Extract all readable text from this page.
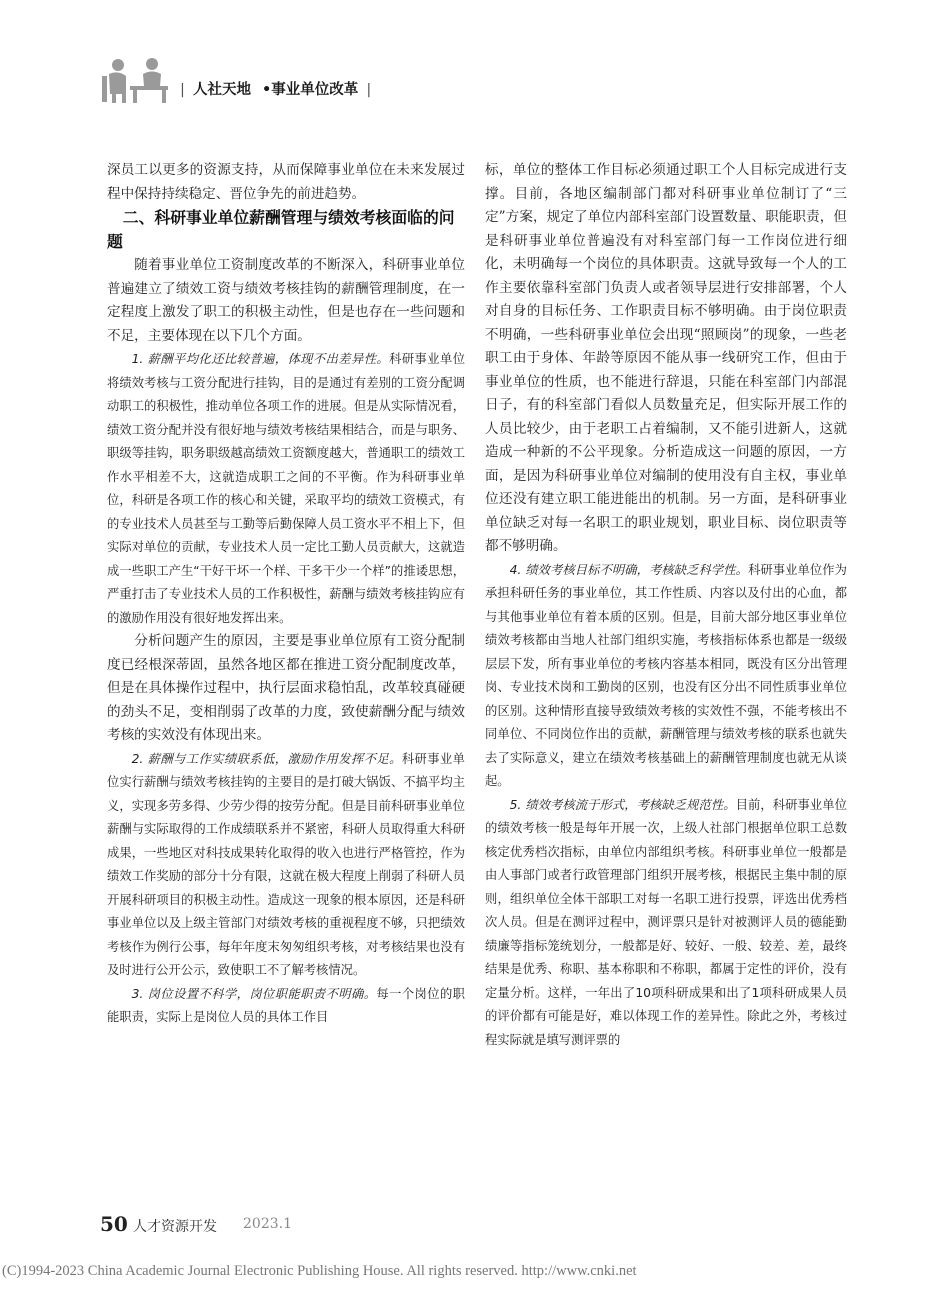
| 人社天地 •事业单位改革 |

深员工以更多的资源支持，从而保障事业单位在未来发展过程中保持持续稳定、晋位争先的前进趋势。

二、科研事业单位薪酬管理与绩效考核面临的问题

随着事业单位工资制度改革的不断深入，科研事业单位普遍建立了绩效工资与绩效考核挂钩的薪酬管理制度，在一定程度上激发了职工的积极主动性，但是也存在一些问题和不足，主要体现在以下几个方面。

1. 薪酬平均化还比较普遍，体现不出差异性。科研事业单位将绩效考核与工资分配进行挂钩，目的是通过有差别的工资分配调动职工的积极性，推动单位各项工作的进展。但是从实际情况看，绩效工资分配并没有很好地与绩效考核结果相结合，而是与职务、职级等挂钩，职务职级越高绩效工资额度越大，普通职工的绩效工作水平相差不大，这就造成职工之间的不平衡。作为科研事业单位，科研是各项工作的核心和关键，采取平均的绩效工资模式，有的专业技术人员甚至与工勤等后勤保障人员工资水平不相上下，但实际对单位的贡献，专业技术人员一定比工勤人员贡献大，这就造成一些职工产生“干好干坏一个样、干多干少一个样”的推诿思想，严重打击了专业技术人员的工作积极性，薪酬与绩效考核挂钩应有的激励作用没有很好地发挥出来。

分析问题产生的原因，主要是事业单位原有工资分配制度已经根深蒂固，虽然各地区都在推进工资分配制度改革，但是在具体操作过程中，执行层面求稳怕乱，改革较真碰硬的劲头不足，变相削弱了改革的力度，致使薪酬分配与绩效考核的实效没有体现出来。

2. 薪酬与工作实绩联系低，激励作用发挥不足。科研事业单位实行薪酬与绩效考核挂钩的主要目的是打破大锅饭、不搞平均主义，实现多劳多得、少劳少得的按劳分配。但是目前科研事业单位薪酬与实际取得的工作成绩联系并不紧密，科研人员取得重大科研成果，一些地区对科技成果转化取得的收入也进行严格管控，作为绩效工作奖励的部分十分有限，这就在极大程度上削弱了科研人员开展科研项目的积极主动性。造成这一现象的根本原因，还是科研事业单位以及上级主管部门对绩效考核的重视程度不够，只把绩效考核作为例行公事，每年年度末匆匆组织考核，对考核结果也没有及时进行公开公示，致使职工不了解考核情况。

3. 岗位设置不科学，岗位职能职责不明确。每一个岗位的职能职责，实际上是岗位人员的具体工作目

标，单位的整体工作目标必须通过职工个人目标完成进行支撑。目前，各地区编制部门都对科研事业单位制订了“三定”方案，规定了单位内部科室部门设置数量、职能职责，但是科研事业单位普遍没有对科室部门每一工作岗位进行细化，未明确每一个岗位的具体职责。这就导致每一个人的工作主要依靠科室部门负责人或者领导层进行安排部署，个人对自身的目标任务、工作职责目标不够明确。由于岗位职责不明确，一些科研事业单位会出现“照顾岗”的现象，一些老职工由于身体、年龄等原因不能从事一线研究工作，但由于事业单位的性质，也不能进行辞退，只能在科室部门内部混日子，有的科室部门看似人员数量充足，但实际开展工作的人员比较少，由于老职工占着编制，又不能引进新人，这就造成一种新的不公平现象。分析造成这一问题的原因，一方面，是因为科研事业单位对编制的使用没有自主权，事业单位还没有建立职工能进能出的机制。另一方面，是科研事业单位缺乏对每一名职工的职业规划，职业目标、岗位职责等都不够明确。

4. 绩效考核目标不明确，考核缺乏科学性。科研事业单位作为承担科研任务的事业单位，其工作性质、内容以及付出的心血，都与其他事业单位有着本质的区别。但是，目前大部分地区事业单位绩效考核都由当地人社部门组织实施，考核指标体系也都是一级级层层下发，所有事业单位的考核内容基本相同，既没有区分出管理岗、专业技术岗和工勤岗的区别，也没有区分出不同性质事业单位的区别。这种情形直接导致绩效考核的实效性不强，不能考核出不同单位、不同岗位作出的贡献，薪酬管理与绩效考核的联系也就失去了实际意义，建立在绩效考核基础上的薪酬管理制度也就无从谈起。

5. 绩效考核流于形式，考核缺乏规范性。目前，科研事业单位的绩效考核一般是每年开展一次，上级人社部门根据单位职工总数核定优秀档次指标，由单位内部组织考核。科研事业单位一般都是由人事部门或者行政管理部门组织开展考核，根据民主集中制的原则，组织单位全体干部职工对每一名职工进行投票，评选出优秀档次人员。但是在测评过程中，测评票只是针对被测评人员的德能勤绩廉等指标笼统划分，一般都是好、较好、一般、较差、差，最终结果是优秀、称职、基本称职和不称职，都属于定性的评价，没有定量分析。这样，一年出了10项科研成果和出了1项科研成果人员的评价都有可能是好，难以体现工作的差异性。除此之外，考核过程实际就是填写测评票的

50 人才资源开发 2023.1
(C)1994-2023 China Academic Journal Electronic Publishing House. All rights reserved. http://www.cnki.net
